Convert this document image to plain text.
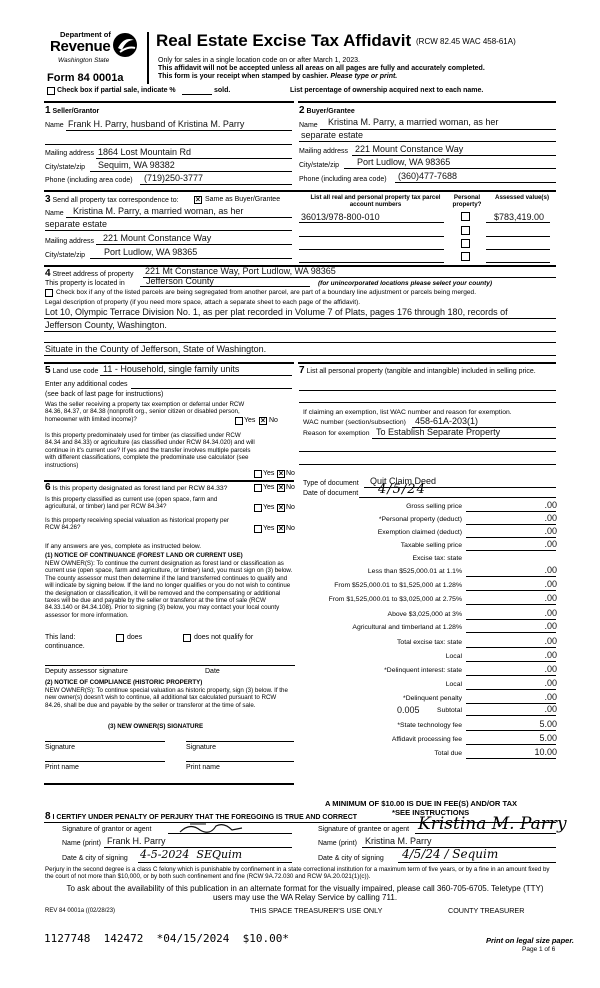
Department of
Revenue
Washington State
Form 84 0001a
Real Estate Excise Tax Affidavit (RCW 82.45 WAC 458-61A)
Only for sales in a single location code on or after March 1, 2023.
This affidavit will not be accepted unless all areas on all pages are fully and accurately completed.
This form is your receipt when stamped by cashier. Please type or print.
Check box if partial sale, indicate %	sold.	List percentage of ownership acquired next to each name.
1 Seller/Grantor
Name Frank H. Parry, husband of Kristina M. Parry
Mailing address 1864 Lost Mountain Rd
City/state/zip Sequim, WA 98382
Phone (including area code) (719)250-3777
2 Buyer/Grantee
Name Kristina M. Parry, a married woman, as her
separate estate
Mailing address 221 Mount Constance Way
City/state/zip Port Ludlow, WA 98365
Phone (including area code) (360)477-7688
3 Send all property tax correspondence to: × Same as Buyer/Grantee
Name Kristina M. Parry, a married woman, as her
separate estate
Mailing address 221 Mount Constance Way
City/state/zip Port Ludlow, WA 98365
List all real and personal property tax parcel account numbers
Personal property?
Assessed value(s)
36013/978-800-010	$783,419.00
4 Street address of property 221 Mt Constance Way, Port Ludlow, WA 98365
This property is located in Jefferson County	(for unincorporated locations please select your county)
Check box if any of the listed parcels are being segregated from another parcel, are part of a boundary line adjustment or parcels being merged.
Legal description of property (if you need more space, attach a separate sheet to each page of the affidavit).
Lot 10, Olympic Terrace Division No. 1, as per plat recorded in Volume 7 of Plats, pages 176 through 180, records of
Jefferson County, Washington.
Situate in the County of Jefferson, State of Washington.
5 Land use code 11 - Household, single family units
Enter any additional codes
(see back of last page for instructions)
Was the seller receiving a property tax exemption or deferral under RCW 84.36, 84.37, or 84.38 (nonprofit org., senior citizen or disabled person, homeowner with limited income)?	Yes × No
Is this property predominately used for timber (as classified under RCW 84.34 and 84.33) or agriculture (as classified under RCW 84.34.020) and will continue in it's current use? If yes and the transfer involves multiple parcels with different classifications, complete the predominate use calculator (see instructions)
Yes × No
6 Is this property designated as forest land per RCW 84.33?	Yes × No
Is this property classified as current use (open space, farm and agricultural, or timber) land per RCW 84.34?	Yes × No
Is this property receiving special valuation as historical property per RCW 84.26?	Yes × No
If any answers are yes, complete as instructed below.
(1) NOTICE OF CONTINUANCE (FOREST LAND OR CURRENT USE)
NEW OWNER(S): To continue the current designation as forest land or classification as current use (open space, farm and agriculture, or timber) land, you must sign on (3) below. The county assessor must then determine if the land transferred continues to qualify and will indicate by signing below. If the land no longer qualifies or you do not wish to continue the designation or classification, it will be removed and the compensating or additional taxes will be due and payable by the seller or transferor at the time of sale (RCW 84.33.140 or 84.34.108). Prior to signing (3) below, you may contact your local county assessor for more information.
This land:	does	does not qualify for
continuance.
Deputy assessor signature	Date
(2) NOTICE OF COMPLIANCE (HISTORIC PROPERTY)
NEW OWNER(S): To continue special valuation as historic property, sign (3) below. If the new owner(s) doesn't wish to continue, all additional tax calculated pursuant to RCW 84.26, shall be due and payable by the seller or transferor at the time of sale.
(3) NEW OWNER(S) SIGNATURE
Signature	Signature
Print name	Print name
7 List all personal property (tangible and intangible) included in selling price.
If claiming an exemption, list WAC number and reason for exemption.
WAC number (section/subsection) 458-61A-203(1)
Reason for exemption To Establish Separate Property
Type of document Quit Claim Deed
Date of document 4/5/24
Gross selling price	.00
*Personal property (deduct)	.00
Exemption claimed (deduct)	.00
Taxable selling price	.00
Excise tax: state
Less than $525,000.01 at 1.1%	.00
From $525,000.01 to $1,525,000 at 1.28%	.00
From $1,525,000.01 to $3,025,000 at 2.75%	.00
Above $3,025,000 at 3%	.00
Agricultural and timberland at 1.28%	.00
Total excise tax: state	.00
Local	.00
*Delinquent interest: state	.00
Local	.00
*Delinquent penalty	.00
Subtotal	.00
*State technology fee	5.00
Affidavit processing fee	5.00
Total due	10.00
0.005
A MINIMUM OF $10.00 IS DUE IN FEE(S) AND/OR TAX
*SEE INSTRUCTIONS
8 I CERTIFY UNDER PENALTY OF PERJURY THAT THE FOREGOING IS TRUE AND CORRECT
Signature of grantor or agent
Name (print) Frank H. Parry
Date & city of signing 4-5-2024  SEQuim
Signature of grantee or agent Kristina M. Parry
Name (print) Kristina M. Parry
Date & city of signing 4/5/24 / Sequim
Perjury in the second degree is a class C felony which is punishable by confinement in a state correctional institution for a maximum term of five years, or by a fine in an amount fixed by the court of not more than $10,000, or by both such confinement and fine (RCW 9A.72.030 and RCW 9A.20.021(1)(c)).
To ask about the availability of this publication in an alternate format for the visually impaired, please call 360-705-6705. Teletype (TTY) users may use the WA Relay Service by calling 711.
REV 84 0001a ((02/28/23)	THIS SPACE TREASURER'S USE ONLY	COUNTY TREASURER
1127748  142472  *04/15/2024  $10.00*	Print on legal size paper.
Page 1 of 6
